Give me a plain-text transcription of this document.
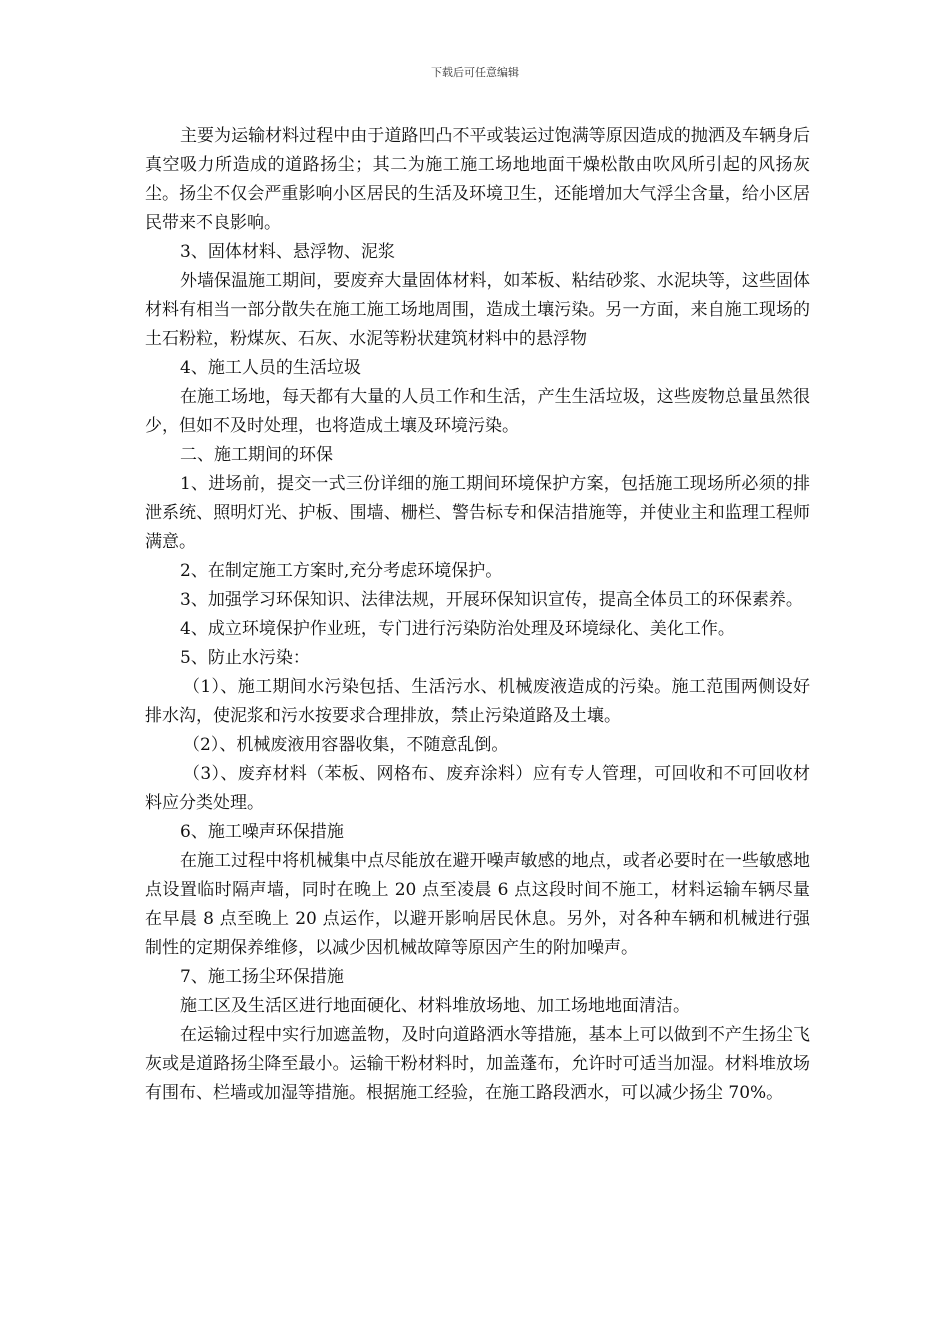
下载后可任意编辑

主要为运输材料过程中由于道路凹凸不平或装运过饱满等原因造成的抛洒及车辆身后真空吸力所造成的道路扬尘；其二为施工施工场地地面干燥松散由吹风所引起的风扬灰尘。扬尘不仅会严重影响小区居民的生活及环境卫生，还能增加大气浮尘含量，给小区居民带来不良影响。

3、固体材料、悬浮物、泥浆

外墙保温施工期间，要废弃大量固体材料，如苯板、粘结砂浆、水泥块等，这些固体材料有相当一部分散失在施工施工场地周围，造成土壤污染。另一方面，来自施工现场的土石粉粒，粉煤灰、石灰、水泥等粉状建筑材料中的悬浮物

4、施工人员的生活垃圾

在施工场地，每天都有大量的人员工作和生活，产生生活垃圾，这些废物总量虽然很少，但如不及时处理，也将造成土壤及环境污染。

二、施工期间的环保

1、进场前，提交一式三份详细的施工期间环境保护方案，包括施工现场所必须的排泄系统、照明灯光、护板、围墙、栅栏、警告标专和保洁措施等，并使业主和监理工程师满意。

2、在制定施工方案时,充分考虑环境保护。

3、加强学习环保知识、法律法规，开展环保知识宣传，提高全体员工的环保素养。

4、成立环境保护作业班，专门进行污染防治处理及环境绿化、美化工作。

5、防止水污染：

（1）、施工期间水污染包括、生活污水、机械废液造成的污染。施工范围两侧设好排水沟，使泥浆和污水按要求合理排放，禁止污染道路及土壤。

（2）、机械废液用容器收集，不随意乱倒。

（3）、废弃材料（苯板、网格布、废弃涂料）应有专人管理，可回收和不可回收材料应分类处理。

6、施工噪声环保措施

在施工过程中将机械集中点尽能放在避开噪声敏感的地点，或者必要时在一些敏感地点设置临时隔声墙，同时在晚上 20 点至凌晨 6 点这段时间不施工，材料运输车辆尽量在早晨 8 点至晚上 20 点运作，以避开影响居民休息。另外，对各种车辆和机械进行强制性的定期保养维修，以减少因机械故障等原因产生的附加噪声。

7、施工扬尘环保措施

施工区及生活区进行地面硬化、材料堆放场地、加工场地地面清洁。

在运输过程中实行加遮盖物，及时向道路洒水等措施，基本上可以做到不产生扬尘飞灰或是道路扬尘降至最小。运输干粉材料时，加盖蓬布，允许时可适当加湿。材料堆放场有围布、栏墙或加湿等措施。根据施工经验，在施工路段洒水，可以减少扬尘 70%。
